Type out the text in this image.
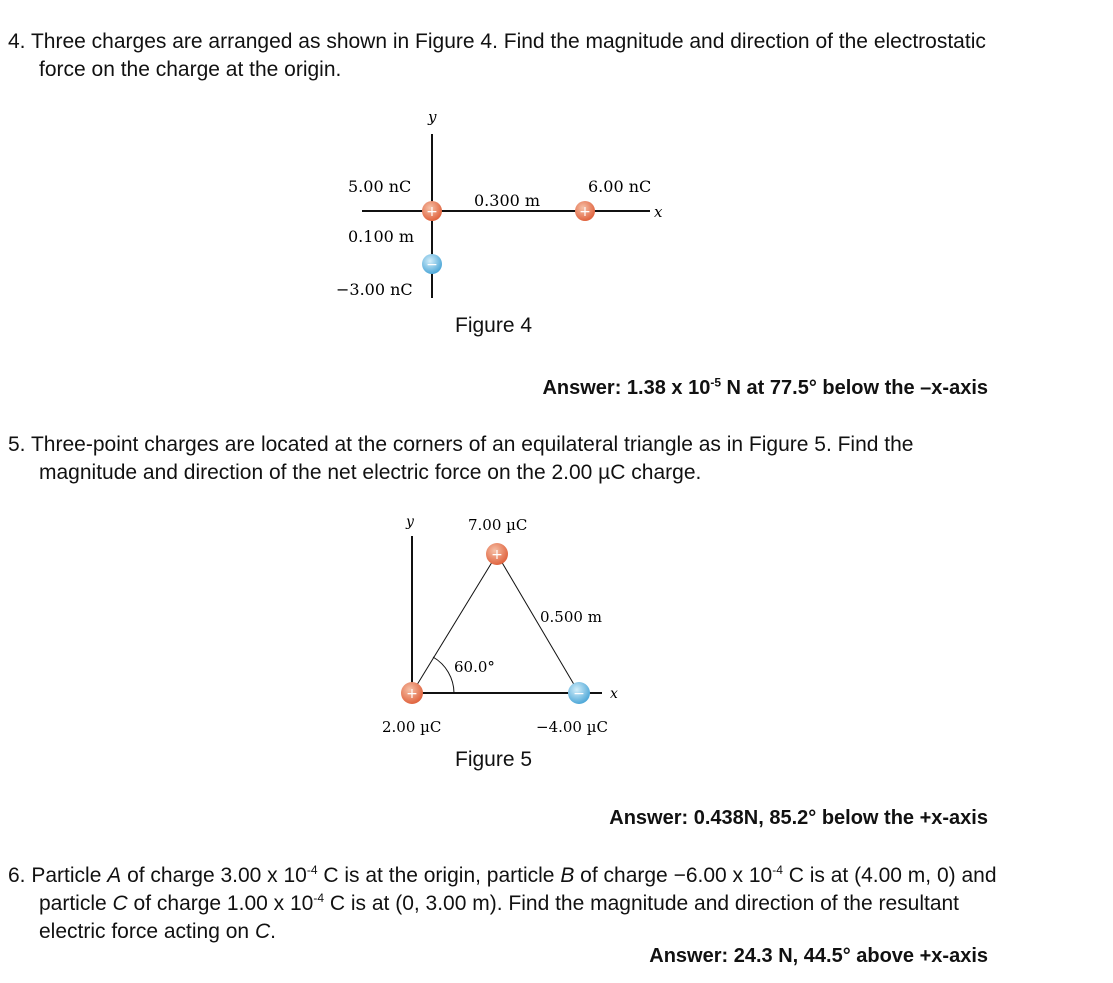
4. Three charges are arranged as shown in Figure 4. Find the magnitude and direction of the electrostatic force on the charge at the origin.
y
x
+	+
−
5.00 nC	6.00 nC
0.300 m
0.100 m
−3.00 nC
Figure 4
Answer: 1.38 x $10^{-5}$ N at 77.5° below the –x-axis
5. Three-point charges are located at the corners of an equilateral triangle as in Figure 5. Find the magnitude and direction of the net electric force on the 2.00 µC charge.
y
x
+
+	−
7.00 µC
0.500 m
60.0°
2.00 µC	−4.00 µC
Figure 5
Answer: 0.438N, 85.2° below the +x-axis
6. Particle A of charge 3.00 x $10^{-4}$ C is at the origin, particle B of charge −6.00 x $10^{-4}$ C is at (4.00 m, 0) and particle C of charge 1.00 x $10^{-4}$ C is at (0, 3.00 m). Find the magnitude and direction of the resultant electric force acting on C.
Answer: 24.3 N, 44.5° above +x-axis
